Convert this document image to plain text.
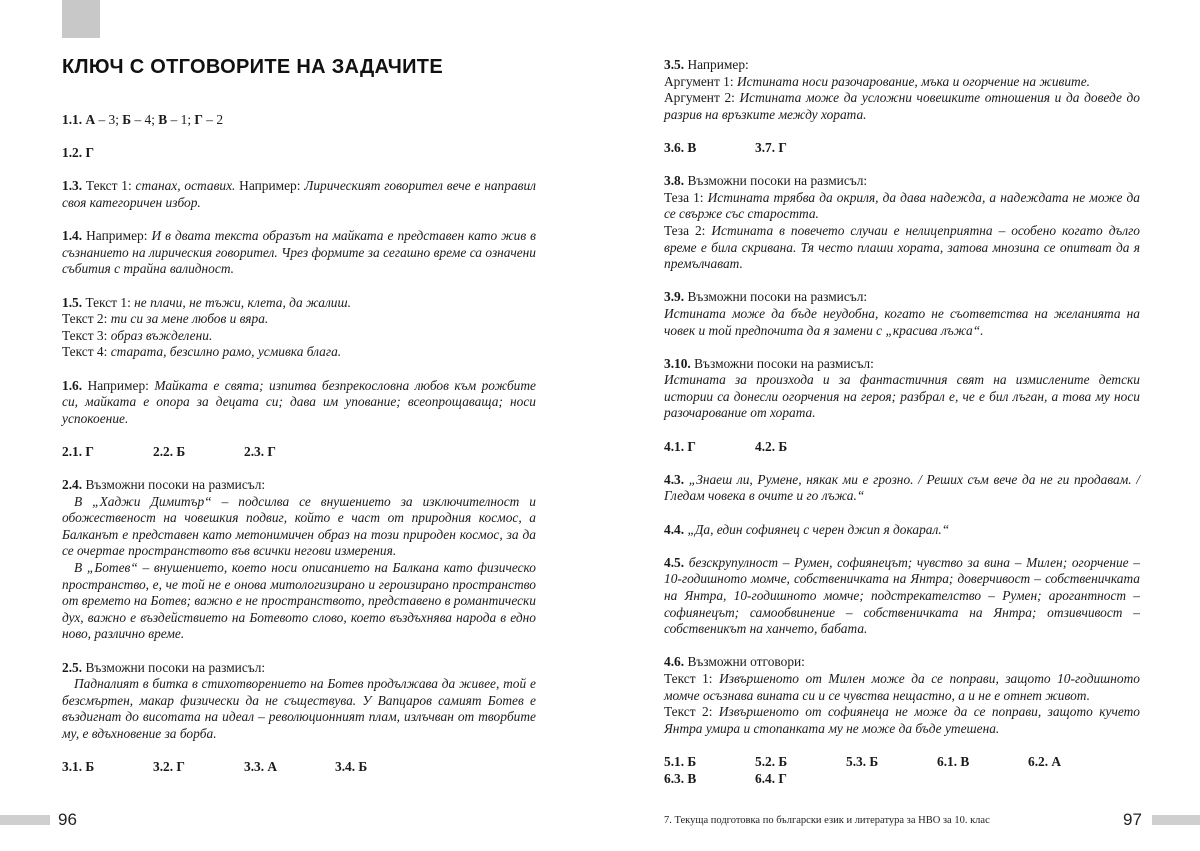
96	97
7. Текуща подготовка по български език и литература за НВО за 10. клас
КЛЮЧ С ОТГОВОРИТЕ НА ЗАДАЧИТЕ

1.1. А – 3; Б – 4; В – 1; Г – 2

1.2. Г

1.3. Текст 1: станах, оставих. Например: Лирическият говорител вече е направил своя категоричен избор.

1.4. Например: И в двата текста образът на майката е представен като жив в съзнанието на лирическия говорител. Чрез формите за сегашно време са означени събития с трайна валидност.

1.5. Текст 1: не плачи, не тъжи, клета, да жалиш.

Текст 2: ти си за мене любов и вяра.

Текст 3: образ въжделени.

Текст 4: старата, безсилно рамо, усмивка блага.

1.6. Например: Майката е свята; изпитва безпрекословна любов към рожбите си, майката е опора за децата си; дава им упование; всеопрощаваща; носи успокоение.

2.1. Г	2.2. Б	2.3. Г

2.4. Възможни посоки на размисъл:

В „Хаджи Димитър“ – подсилва се внушението за изключителност и обожественост на човешкия подвиг, който е част от природния космос, а Балканът е представен като метонимичен образ на този природен космос, за да се очертае пространството във всички негови измерения.

В „Ботев“ – внушението, което носи описанието на Балкана като физическо пространство, е, че той не е онова митологизирано и героизирано пространство от времето на Ботев; важно е не пространството, представено в романтически дух, важно е въздействието на Ботевото слово, което въздъхнява народа в едно ново, различно време.

2.5. Възможни посоки на размисъл:

Падналият в битка в стихотворението на Ботев продължава да живее, той е безсмъртен, макар физически да не съществува. У Вапцаров самият Ботев е въздигнат до висотата на идеал – революционният плам, излъчван от творбите му, е вдъхновение за борба.

3.1. Б	3.2. Г	3.3. А	3.4. Б

3.5. Например:

Аргумент 1: Истината носи разочарование, мъка и огорчение на живите.

Аргумент 2: Истината може да усложни човешките отношения и да доведе до разрив на връзките между хората.

3.6. В	3.7. Г

3.8. Възможни посоки на размисъл:

Теза 1: Истината трябва да окриля, да дава надежда, а надеждата не може да се свърже със старостта.

Теза 2: Истината в повечето случаи е нелицеприятна – особено когато дълго време е била скривана. Тя често плаши хората, затова мнозина се опитват да я премълчават.

3.9. Възможни посоки на размисъл:

Истината може да бъде неудобна, когато не съответства на желанията на човек и той предпочита да я замени с „красива лъжа“.

3.10. Възможни посоки на размисъл:

Истината за произхода и за фантастичния свят на измислените детски истории са донесли огорчения на героя; разбрал е, че е бил лъган, а това му носи разочарование от хората.

4.1. Г	4.2. Б

4.3. „Знаеш ли, Румене, някак ми е грозно. / Реших съм вече да не ги продавам. / Гледам човека в очите и го лъжа.“

4.4. „Да, един софиянец с черен джип я докарал.“

4.5. безскрупулност – Румен, софиянецът; чувство за вина – Милен; огорчение – 10-годишното момче, собственичката на Янтра; доверчивост – собственичката на Янтра, 10-годишното момче; подстрекателство – Румен; арогантност – софиянецът; самообвинение – собственичката на Янтра; отзивчивост – собственикът на ханчето, бабата.

4.6. Възможни отговори:

Текст 1: Извършеното от Милен може да се поправи, защото 10-годишното момче осъзнава вината си и се чувства нещастно, а и не е отнет живот.

Текст 2: Извършеното от софиянеца не може да се поправи, защото кучето Янтра умира и стопанката му не може да бъде утешена.

5.1. Б	5.2. Б	5.3. Б	6.1. В	6.2. А

6.3. В	6.4. Г
